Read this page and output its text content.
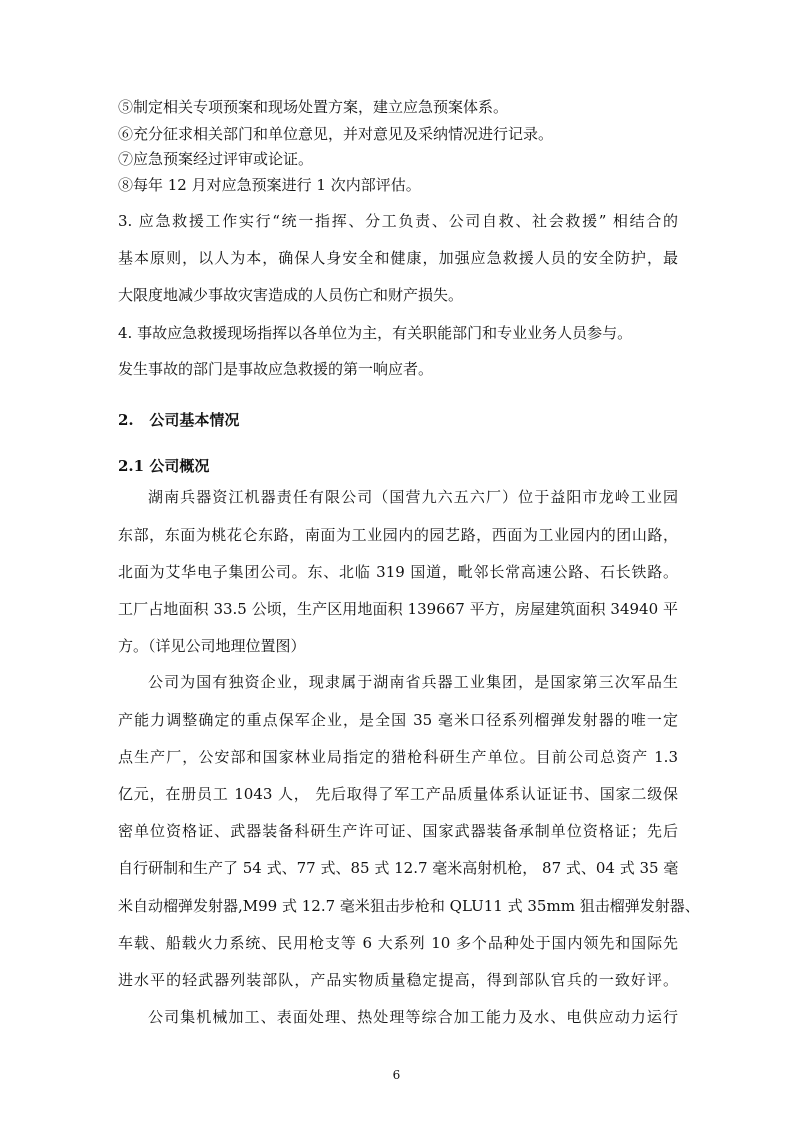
⑤制定相关专项预案和现场处置方案，建立应急预案体系。
⑥充分征求相关部门和单位意见，并对意见及采纳情况进行记录。
⑦应急预案经过评审或论证。
⑧每年 12 月对应急预案进行 1 次内部评估。
3. 应急救援工作实行“统一指挥、分工负责、公司自救、社会救援” 相结合的
基本原则，以人为本，确保人身安全和健康，加强应急救援人员的安全防护，最
大限度地减少事故灾害造成的人员伤亡和财产损失。
4. 事故应急救援现场指挥以各单位为主，有关职能部门和专业业务人员参与。
发生事故的部门是事故应急救援的第一响应者。
2.   公司基本情况
2.1 公司概况
湖南兵器资江机器责任有限公司（国营九六五六厂）位于益阳市龙岭工业园
东部，东面为桃花仑东路，南面为工业园内的园艺路，西面为工业园内的团山路，
北面为艾华电子集团公司。东、北临 319 国道，毗邻长常高速公路、石长铁路。
工厂占地面积 33.5 公顷，生产区用地面积 139667 平方，房屋建筑面积 34940 平
方。（详见公司地理位置图）
公司为国有独资企业，现隶属于湖南省兵器工业集团，是国家第三次军品生
产能力调整确定的重点保军企业，是全国 35 毫米口径系列榴弹发射器的唯一定
点生产厂，公安部和国家林业局指定的猎枪科研生产单位。目前公司总资产 1.3
亿元，在册员工 1043 人， 先后取得了军工产品质量体系认证证书、国家二级保
密单位资格证、武器装备科研生产许可证、国家武器装备承制单位资格证；先后
自行研制和生产了 54 式、77 式、85 式 12.7 毫米高射机枪， 87 式、04 式 35 毫
米自动榴弹发射器,M99 式 12.7 毫米狙击步枪和 QLU11 式 35mm 狙击榴弹发射器、
车载、船载火力系统、民用枪支等 6 大系列 10 多个品种处于国内领先和国际先
进水平的轻武器列装部队，产品实物质量稳定提高，得到部队官兵的一致好评。
公司集机械加工、表面处理、热处理等综合加工能力及水、电供应动力运行
6
